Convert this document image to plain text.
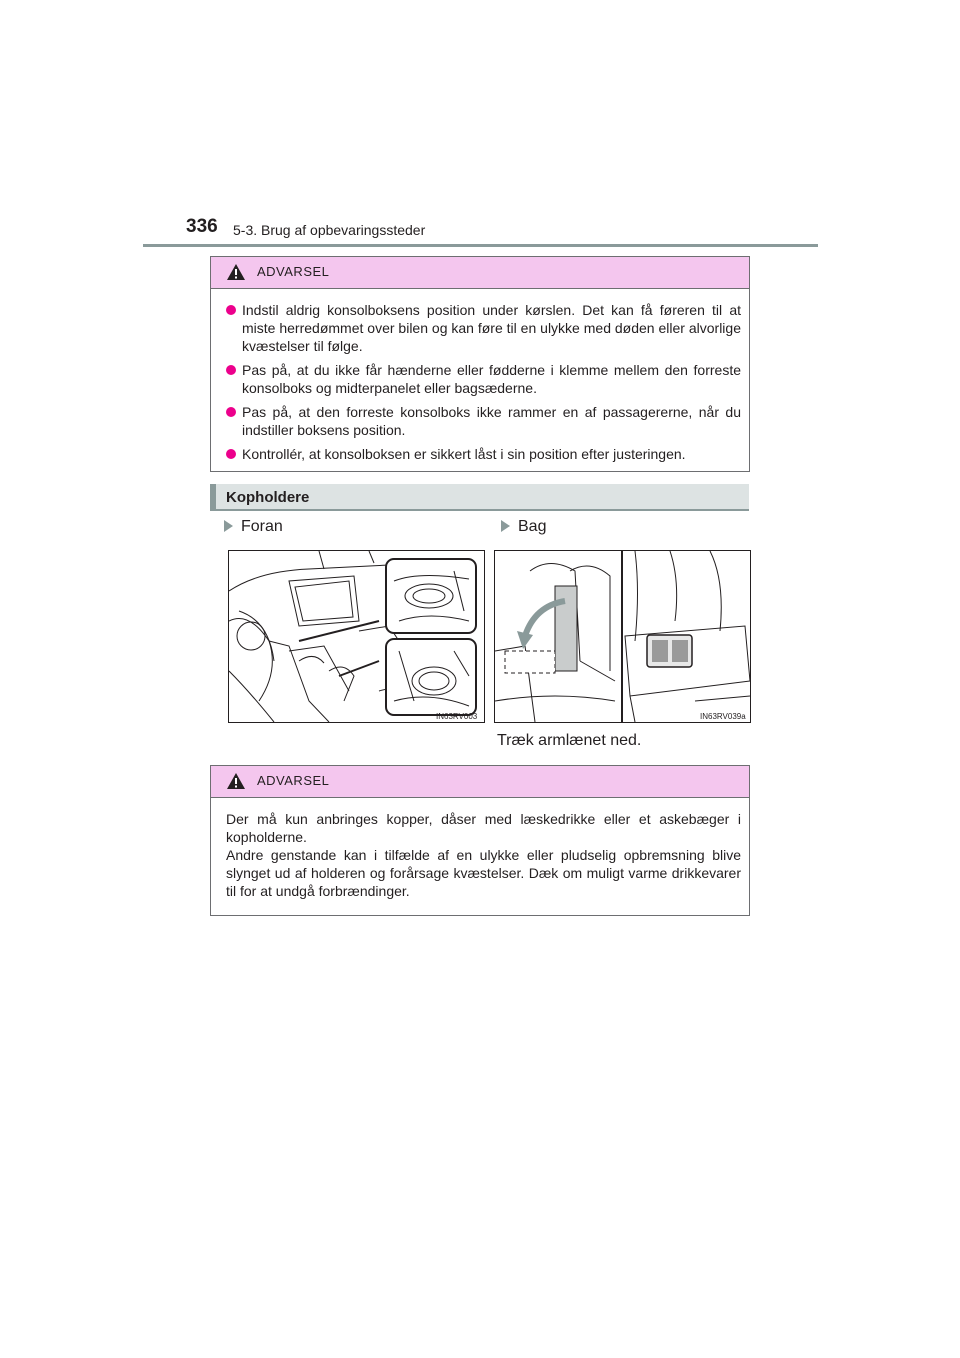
336 5-3. Brug af opbevaringssteder
ADVARSEL
Indstil aldrig konsolboksens position under kørslen. Det kan få føreren til at miste herredømmet over bilen og kan føre til en ulykke med døden eller alvorlige kvæstelser til følge.
Pas på, at du ikke får hænderne eller fødderne i klemme mellem den forreste konsolboks og midterpanelet eller bagsæderne.
Pas på, at den forreste konsolboks ikke rammer en af passagererne, når du indstiller boksens position.
Kontrollér, at konsolboksen er sikkert låst i sin position efter justeringen.
Kopholdere
Foran	Bag
IN63RV003	IN63RV039a
Træk armlænet ned.
ADVARSEL
Der må kun anbringes kopper, dåser med læskedrikke eller et askebæger i kopholderne.
Andre genstande kan i tilfælde af en ulykke eller pludselig opbremsning blive slynget ud af holderen og forårsage kvæstelser. Dæk om muligt varme drikkevarer til for at undgå forbrændinger.
